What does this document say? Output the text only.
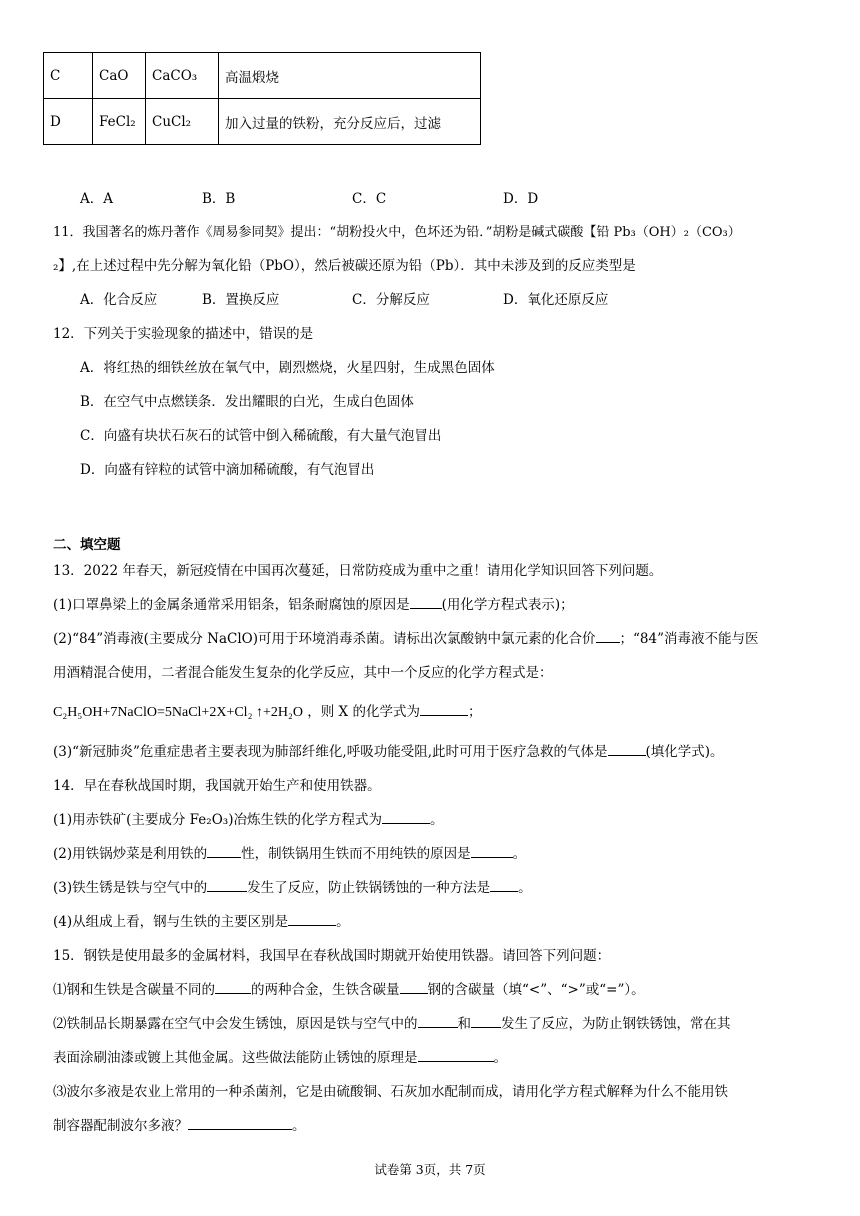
C	CaO	CaCO₃	高温煅烧
D	FeCl₂	CuCl₂	加入过量的铁粉，充分反应后，过滤
A．A	B．B	C．C	D．D
11．我国著名的炼丹著作《周易参同契》提出：“胡粉投火中，色坏还为铅．”胡粉是碱式碳酸【铅 Pb₃（OH）₂（CO₃）
₂】,在上述过程中先分解为氧化铅（PbO），然后被碳还原为铅（Pb）．其中未涉及到的反应类型是
A．化合反应	B．置换反应	C．分解反应	D．氧化还原反应
12．下列关于实验现象的描述中，错误的是
A．将红热的细铁丝放在氧气中，剧烈燃烧，火星四射，生成黑色固体
B．在空气中点燃镁条．发出耀眼的白光，生成白色固体
C．向盛有块状石灰石的试管中倒入稀硫酸，有大量气泡冒出
D．向盛有锌粒的试管中滴加稀硫酸，有气泡冒出
二、填空题
13．2022 年春天，新冠疫情在中国再次蔓延，日常防疫成为重中之重！请用化学知识回答下列问题。
(1)口罩鼻梁上的金属条通常采用铝条，铝条耐腐蚀的原因是 (用化学方程式表示)；
(2)“84”消毒液(主要成分 NaClO)可用于环境消毒杀菌。请标出次氯酸钠中氯元素的化合价 ；“84”消毒液不能与医
用酒精混合使用，二者混合能发生复杂的化学反应，其中一个反应的化学方程式是：
C₂H₅OH+7NaClO=5NaCl+2X+Cl₂ ↑+2H₂O ，则 X 的化学式为	；
(3)“新冠肺炎”危重症患者主要表现为肺部纤维化,呼吸功能受阻,此时可用于医疗急救的气体是	(填化学式)。
14．早在春秋战国时期，我国就开始生产和使用铁器。
(1)用赤铁矿(主要成分 Fe₂O₃)冶炼生铁的化学方程式为	。
(2)用铁锅炒菜是利用铁的	性，制铁锅用生铁而不用纯铁的原因是	。
(3)铁生锈是铁与空气中的	发生了反应，防止铁锅锈蚀的一种方法是 。
(4)从组成上看，钢与生铁的主要区别是	。
15．钢铁是使用最多的金属材料，我国早在春秋战国时期就开始使用铁器。请回答下列问题：
⑴钢和生铁是含碳量不同的	的两种合金，生铁含碳量 钢的含碳量（填“<”、“>”或“=”）。
⑵铁制品长期暴露在空气中会发生锈蚀，原因是铁与空气中的	和 发生了反应，为防止钢铁锈蚀，常在其
表面涂刷油漆或镀上其他金属。这些做法能防止锈蚀的原理是	。
⑶波尔多液是农业上常用的一种杀菌剂，它是由硫酸铜、石灰加水配制而成，请用化学方程式解释为什么不能用铁
制容器配制波尔多液？	。
试卷第 3页，共 7页
